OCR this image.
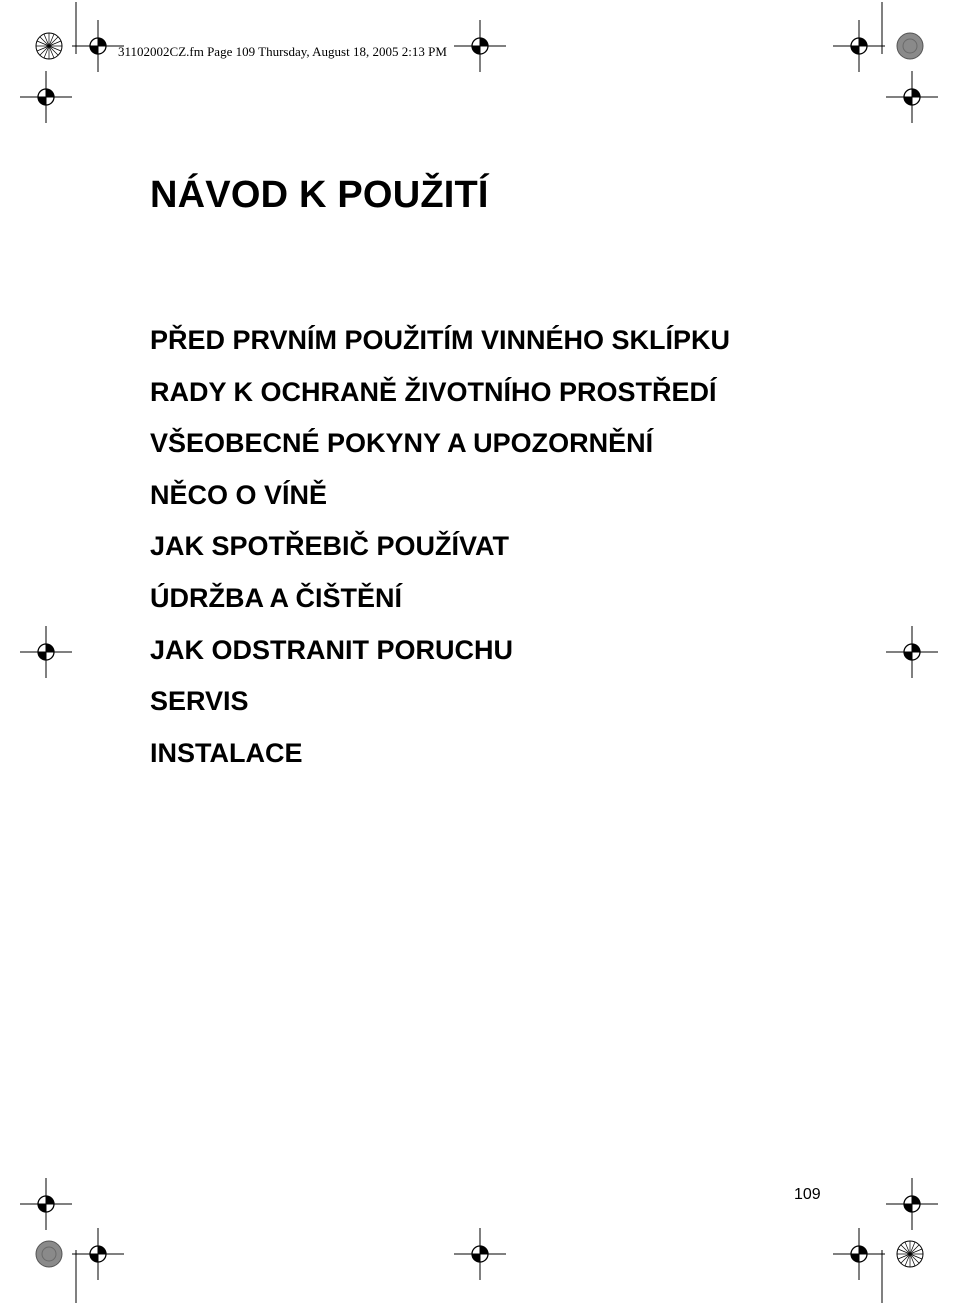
31102002CZ.fm Page 109 Thursday, August 18, 2005 2:13 PM
NÁVOD K POUŽITÍ
PŘED PRVNÍM POUŽITÍM VINNÉHO SKLÍPKU
RADY K OCHRANĚ ŽIVOTNÍHO PROSTŘEDÍ
VŠEOBECNÉ POKYNY A UPOZORNĚNÍ
NĚCO O VÍNĚ
JAK SPOTŘEBIČ POUŽÍVAT
ÚDRŽBA A ČIŠTĚNÍ
JAK ODSTRANIT PORUCHU
SERVIS
INSTALACE
109
